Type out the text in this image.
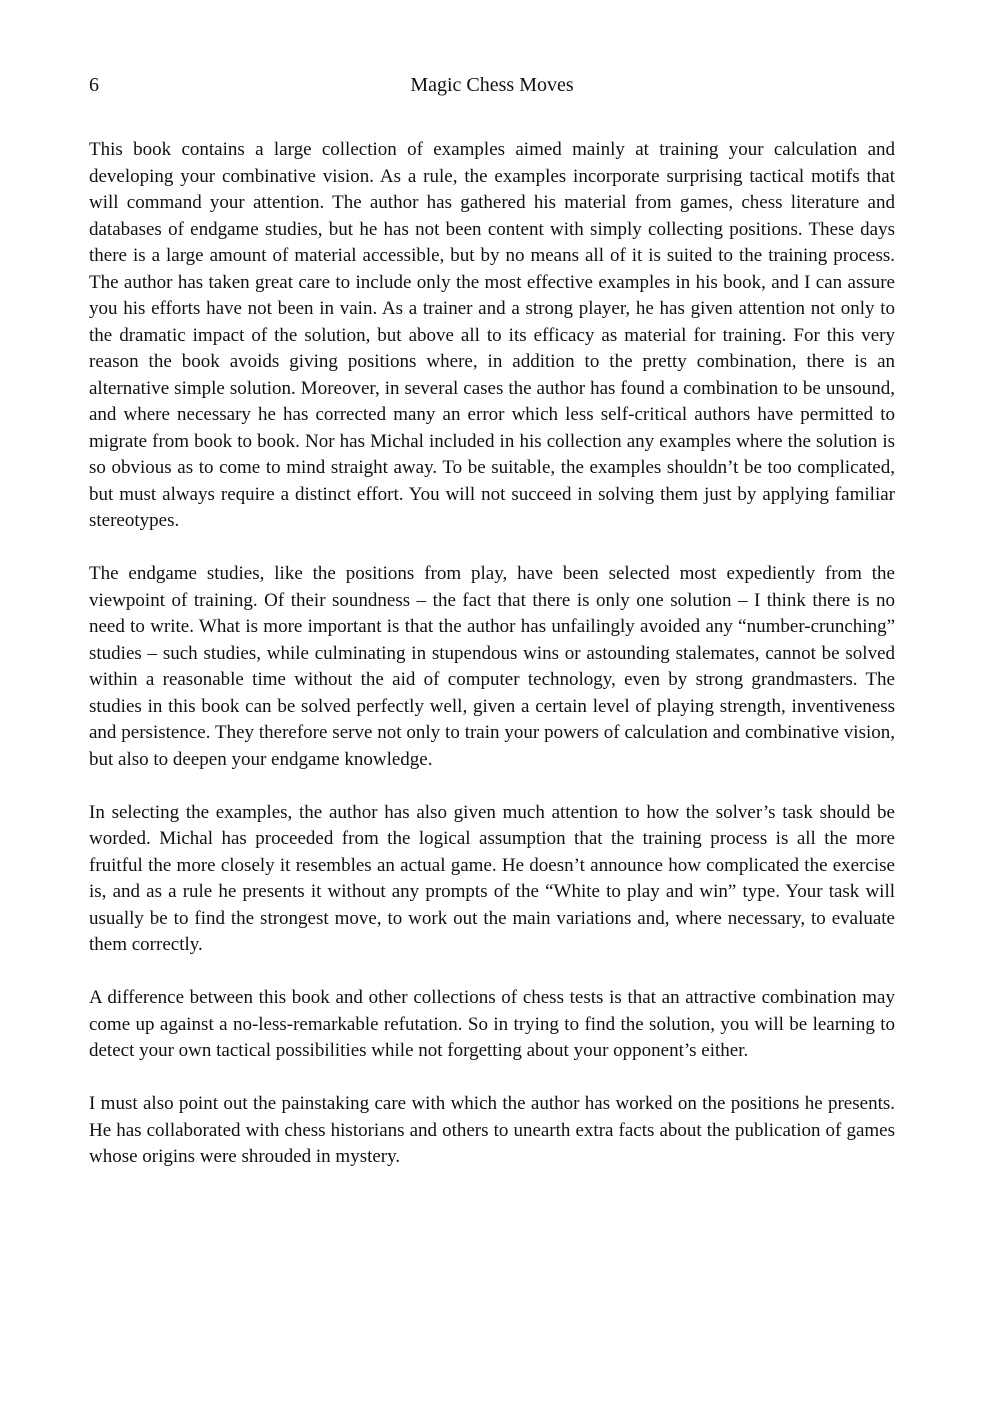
6	Magic Chess Moves

This book contains a large collection of examples aimed mainly at training your calculation and developing your combinative vision. As a rule, the examples incorporate surprising tactical motifs that will command your attention. The author has gathered his material from games, chess literature and databases of endgame studies, but he has not been content with simply collecting positions. These days there is a large amount of material accessible, but by no means all of it is suited to the training process. The author has taken great care to include only the most effective examples in his book, and I can assure you his efforts have not been in vain. As a trainer and a strong player, he has given attention not only to the dramatic impact of the solution, but above all to its efficacy as material for training. For this very reason the book avoids giving positions where, in addition to the pretty combination, there is an alternative simple solution. Moreover, in several cases the author has found a combination to be unsound, and where necessary he has corrected many an error which less self-critical authors have permitted to migrate from book to book. Nor has Michal included in his collection any examples where the solution is so obvious as to come to mind straight away. To be suitable, the examples shouldn’t be too complicated, but must always require a distinct effort. You will not succeed in solving them just by applying familiar stereotypes.

The endgame studies, like the positions from play, have been selected most expediently from the viewpoint of training. Of their soundness – the fact that there is only one solution – I think there is no need to write. What is more important is that the author has unfailingly avoided any “number-crunching” studies – such studies, while culminating in stupendous wins or astounding stalemates, cannot be solved within a reasonable time without the aid of computer technology, even by strong grandmasters. The studies in this book can be solved perfectly well, given a certain level of playing strength, inventiveness and persistence. They therefore serve not only to train your powers of calculation and combinative vision, but also to deepen your endgame knowledge.

In selecting the examples, the author has also given much attention to how the solver’s task should be worded. Michal has proceeded from the logical assumption that the training process is all the more fruitful the more closely it resembles an actual game. He doesn’t announce how complicated the exercise is, and as a rule he presents it without any prompts of the “White to play and win” type. Your task will usually be to find the strongest move, to work out the main variations and, where necessary, to evaluate them correctly.

A difference between this book and other collections of chess tests is that an attractive combination may come up against a no-less-remarkable refutation. So in trying to find the solution, you will be learning to detect your own tactical possibilities while not forgetting about your opponent’s either.

I must also point out the painstaking care with which the author has worked on the positions he presents. He has collaborated with chess historians and others to unearth extra facts about the publication of games whose origins were shrouded in mystery.
